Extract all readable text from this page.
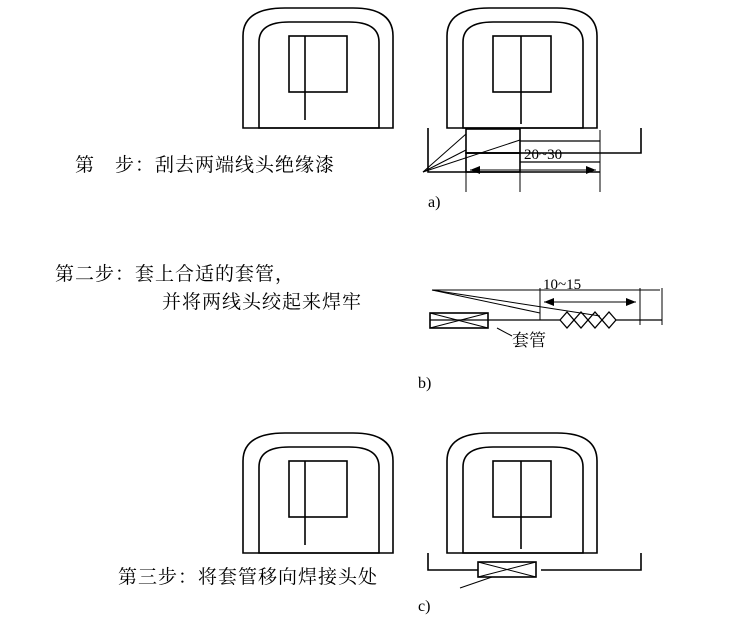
第　步：刮去两端线头绝缘漆	20~30
a)
第二步：套上合适的套管，
并将两线头绞起来焊牢
10~15
套管
b)
第三步：将套管移向焊接头处
c)
